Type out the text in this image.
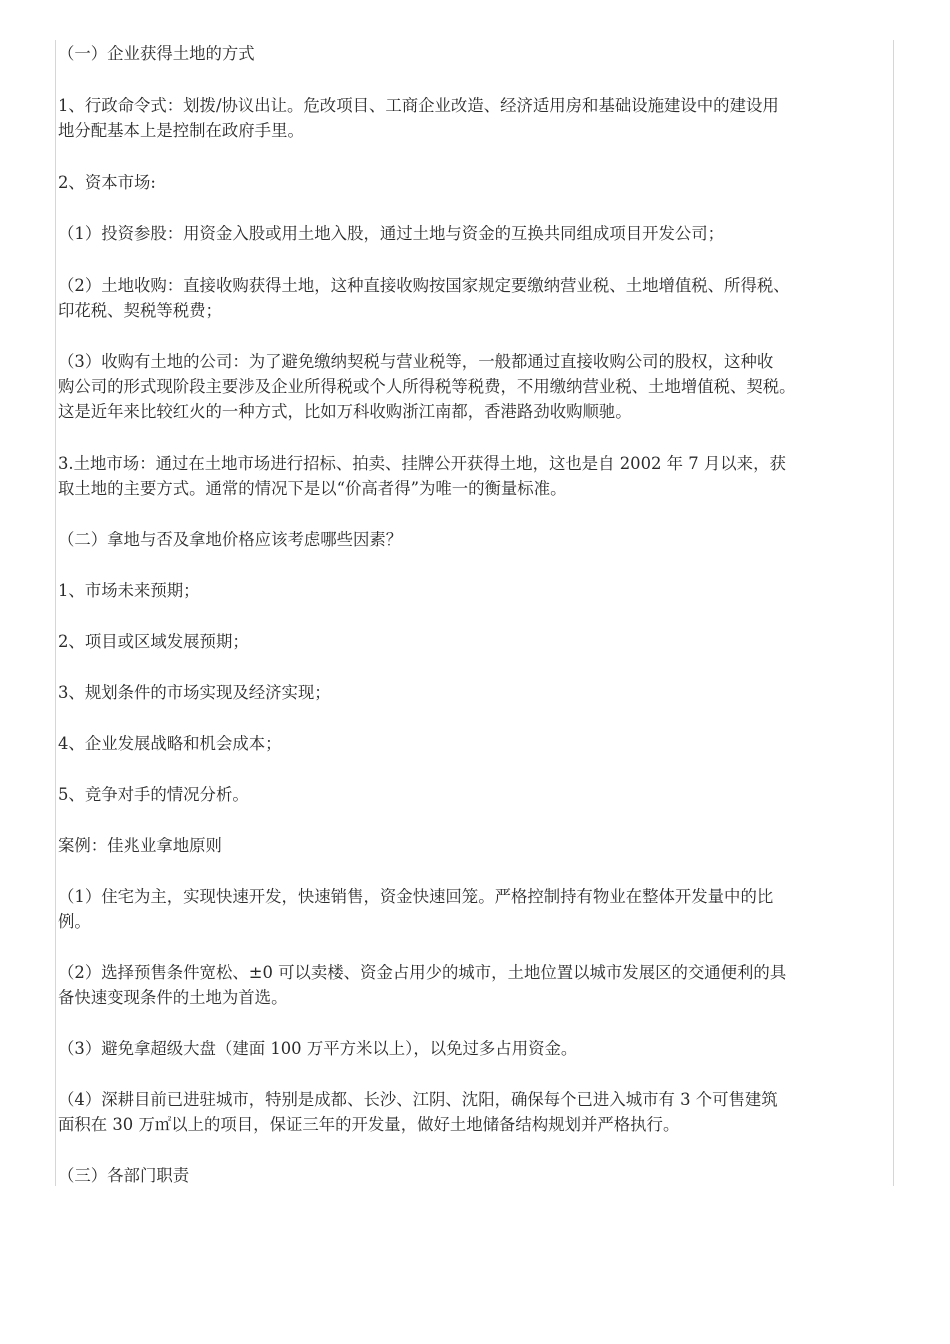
（一）企业获得土地的方式
1、行政命令式：划拨/协议出让。危改项目、工商企业改造、经济适用房和基础设施建设中的建设用
地分配基本上是控制在政府手里。
2、资本市场:
（1）投资参股：用资金入股或用土地入股，通过土地与资金的互换共同组成项目开发公司；
（2）土地收购：直接收购获得土地，这种直接收购按国家规定要缴纳营业税、土地增值税、所得税、
印花税、契税等税费；
（3）收购有土地的公司：为了避免缴纳契税与营业税等，一般都通过直接收购公司的股权，这种收
购公司的形式现阶段主要涉及企业所得税或个人所得税等税费，不用缴纳营业税、土地增值税、契税。
这是近年来比较红火的一种方式，比如万科收购浙江南都，香港路劲收购顺驰。
3.土地市场：通过在土地市场进行招标、拍卖、挂牌公开获得土地，这也是自 2002 年 7 月以来，获
取土地的主要方式。通常的情况下是以“价高者得”为唯一的衡量标准。
（二）拿地与否及拿地价格应该考虑哪些因素？
1、市场未来预期；
2、项目或区域发展预期；
3、规划条件的市场实现及经济实现；
4、企业发展战略和机会成本；
5、竞争对手的情况分析。
案例：佳兆业拿地原则
（1）住宅为主，实现快速开发，快速销售，资金快速回笼。严格控制持有物业在整体开发量中的比
例。
（2）选择预售条件宽松、±0 可以卖楼、资金占用少的城市，土地位置以城市发展区的交通便利的具
备快速变现条件的土地为首选。
（3）避免拿超级大盘（建面 100 万平方米以上），以免过多占用资金。
（4）深耕目前已进驻城市，特别是成都、长沙、江阴、沈阳，确保每个已进入城市有 3 个可售建筑
面积在 30 万㎡以上的项目，保证三年的开发量，做好土地储备结构规划并严格执行。
（三）各部门职责
